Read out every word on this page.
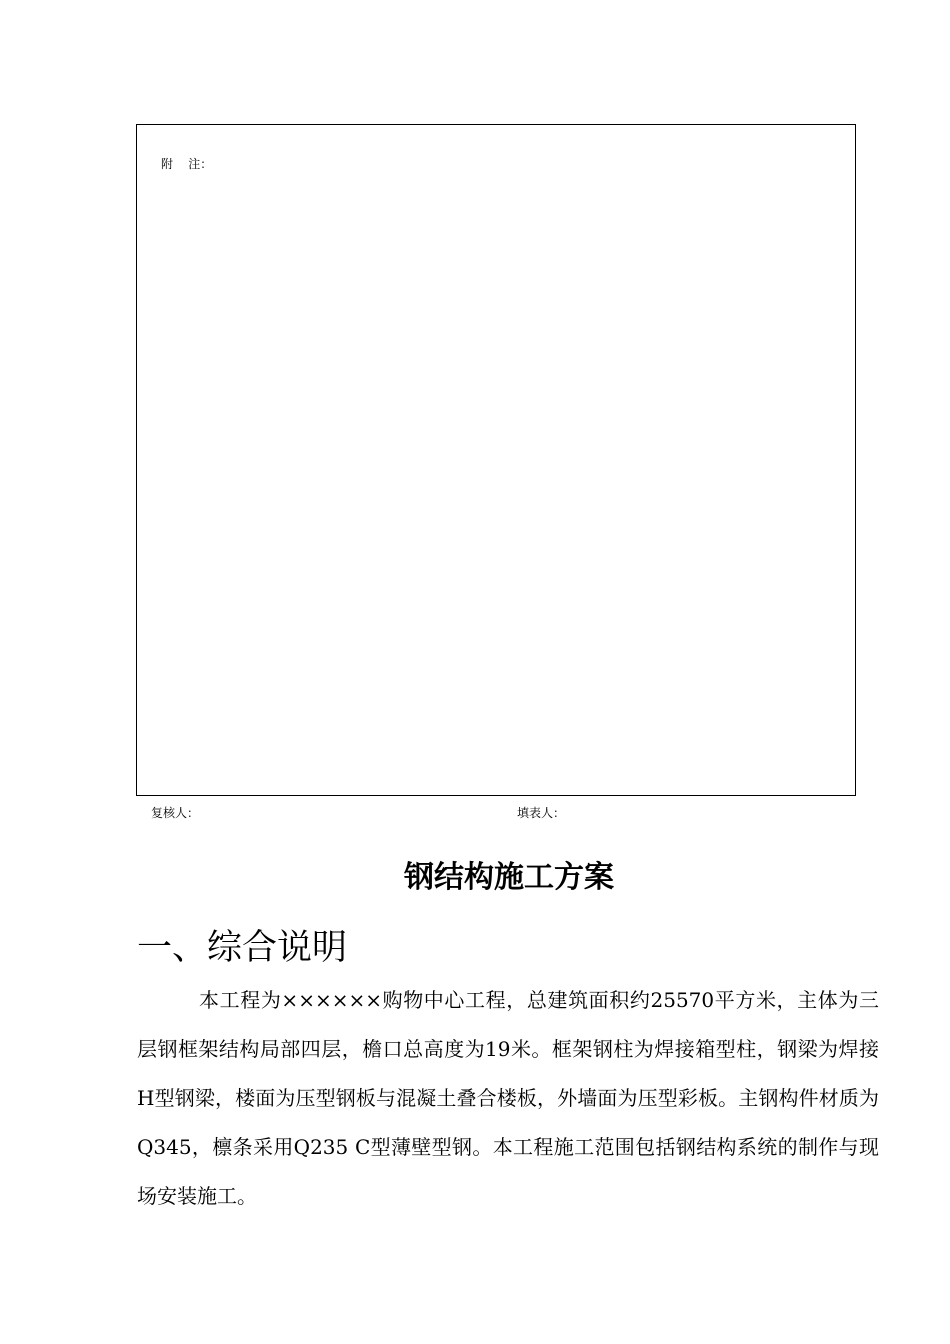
附    注：
复核人：	填表人：
钢结构施工方案
一、综合说明

本工程为××××××购物中心工程，总建筑面积约25570平方米，主体为三层钢框架结构局部四层，檐口总高度为19米。框架钢柱为焊接箱型柱，钢梁为焊接H型钢梁，楼面为压型钢板与混凝土叠合楼板，外墙面为压型彩板。主钢构件材质为Q345，檩条采用Q235 C型薄壁型钢。本工程施工范围包括钢结构系统的制作与现场安装施工。
